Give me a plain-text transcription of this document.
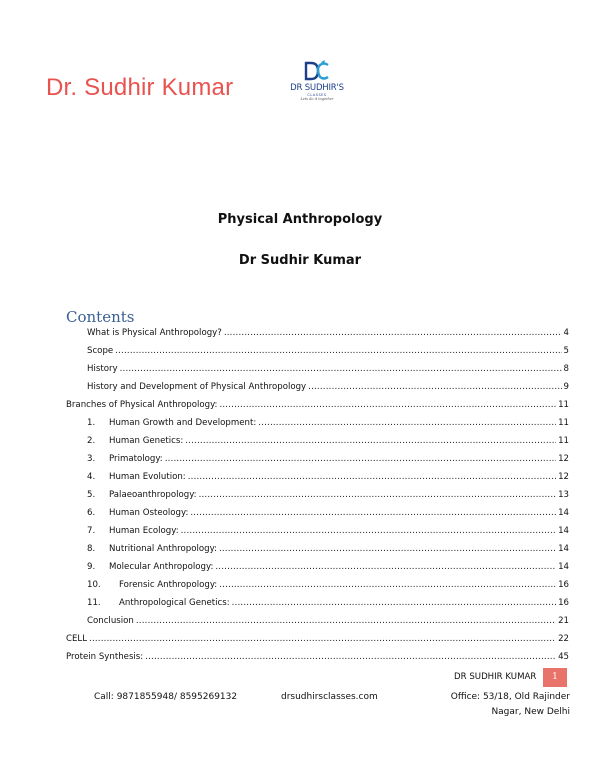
Dr. Sudhir Kumar	DR SUDHIR'S
CLASSES
Lets do it together
Physical Anthropology
Dr Sudhir Kumar
Contents
What is Physical Anthropology? .....	4
Scope .....	5
History .....	8
History and Development of Physical Anthropology .....	9
Branches of Physical Anthropology: .....	11
1.	Human Growth and Development: .....	11
2.	Human Genetics: .....	11
3.	Primatology: .....	12
4.	Human Evolution: .....	12
5.	Palaeoanthropology: .....	13
6.	Human Osteology: .....	14
7.	Human Ecology: .....	14
8.	Nutritional Anthropology: .....	14
9.	Molecular Anthropology: .....	14
10.	Forensic Anthropology: .....	16
11.	Anthropological Genetics: .....	16
Conclusion .....	21
CELL .....	22
Protein Synthesis: .....	45
DR SUDHIR KUMAR	1
Call: 9871855948/ 8595269132	drsudhirsclasses.com	Office: 53/18, Old Rajinder Nagar, New Delhi
